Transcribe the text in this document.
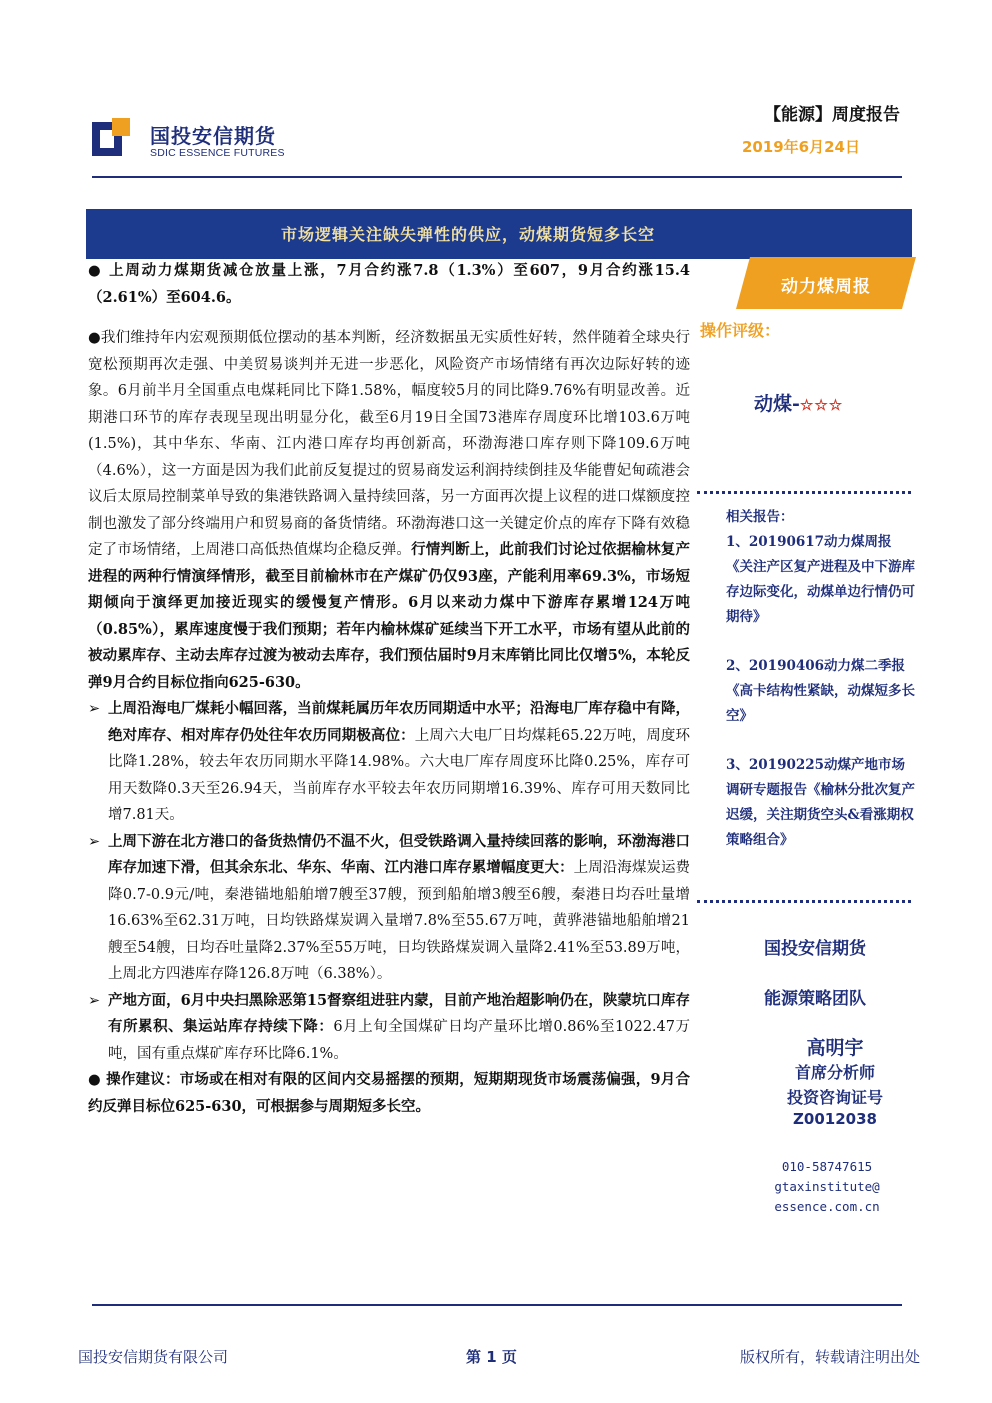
国投安信期货
SDIC ESSENCE FUTURES
【能源】周度报告
2019年6月24日
市场逻辑关注缺失弹性的供应，动煤期货短多长空
动力煤周报
操作评级：
动煤-☆☆☆
相关报告：
1、20190617动力煤周报《关注产区复产进程及中下游库存边际变化，动煤单边行情仍可期待》
2、20190406动力煤二季报《高卡结构性紧缺，动煤短多长空》
3、20190225动煤产地市场调研专题报告《榆林分批次复产迟缓，关注期货空头&看涨期权策略组合》
国投安信期货
能源策略团队
高明宇
首席分析师
投资咨询证号
Z0012038
010-58747615
gtaxinstitute@
essence.com.cn

● 上周动力煤期货减仓放量上涨，7月合约涨7.8（1.3%）至607，9月合约涨15.4（2.61%）至604.6。

●我们维持年内宏观预期低位摆动的基本判断，经济数据虽无实质性好转，然伴随着全球央行宽松预期再次走强、中美贸易谈判并无进一步恶化，风险资产市场情绪有再次边际好转的迹象。6月前半月全国重点电煤耗同比下降1.58%，幅度较5月的同比降9.76%有明显改善。近期港口环节的库存表现呈现出明显分化，截至6月19日全国73港库存周度环比增103.6万吨(1.5%)，其中华东、华南、江内港口库存均再创新高，环渤海港口库存则下降109.6万吨（4.6%），这一方面是因为我们此前反复提过的贸易商发运利润持续倒挂及华能曹妃甸疏港会议后太原局控制菜单导致的集港铁路调入量持续回落，另一方面再次提上议程的进口煤额度控制也激发了部分终端用户和贸易商的备货情绪。环渤海港口这一关键定价点的库存下降有效稳定了市场情绪，上周港口高低热值煤均企稳反弹。行情判断上，此前我们讨论过依据榆林复产进程的两种行情演绎情形，截至目前榆林市在产煤矿仍仅93座，产能利用率69.3%，市场短期倾向于演绎更加接近现实的缓慢复产情形。6月以来动力煤中下游库存累增124万吨（0.85%），累库速度慢于我们预期；若年内榆林煤矿延续当下开工水平，市场有望从此前的被动累库存、主动去库存过渡为被动去库存，我们预估届时9月末库销比同比仅增5%，本轮反弹9月合约目标位指向625-630。

➢ 上周沿海电厂煤耗小幅回落，当前煤耗属历年农历同期适中水平；沿海电厂库存稳中有降，绝对库存、相对库存仍处往年农历同期极高位：上周六大电厂日均煤耗65.22万吨，周度环比降1.28%，较去年农历同期水平降14.98%。六大电厂库存周度环比降0.25%，库存可用天数降0.3天至26.94天，当前库存水平较去年农历同期增16.39%、库存可用天数同比增7.81天。
➢ 上周下游在北方港口的备货热情仍不温不火，但受铁路调入量持续回落的影响，环渤海港口库存加速下滑，但其余东北、华东、华南、江内港口库存累增幅度更大：上周沿海煤炭运费降0.7-0.9元/吨，秦港锚地船舶增7艘至37艘，预到船舶增3艘至6艘，秦港日均吞吐量增16.63%至62.31万吨，日均铁路煤炭调入量增7.8%至55.67万吨，黄骅港锚地船舶增21艘至54艘，日均吞吐量降2.37%至55万吨，日均铁路煤炭调入量降2.41%至53.89万吨，上周北方四港库存降126.8万吨（6.38%）。
➢ 产地方面，6月中央扫黑除恶第15督察组进驻内蒙，目前产地治超影响仍在，陕蒙坑口库存有所累积、集运站库存持续下降：6月上旬全国煤矿日均产量环比增0.86%至1022.47万吨，国有重点煤矿库存环比降6.1%。

● 操作建议：市场或在相对有限的区间内交易摇摆的预期，短期期现货市场震荡偏强，9月合约反弹目标位625-630，可根据参与周期短多长空。

国投安信期货有限公司	第 1 页	版权所有，转载请注明出处
